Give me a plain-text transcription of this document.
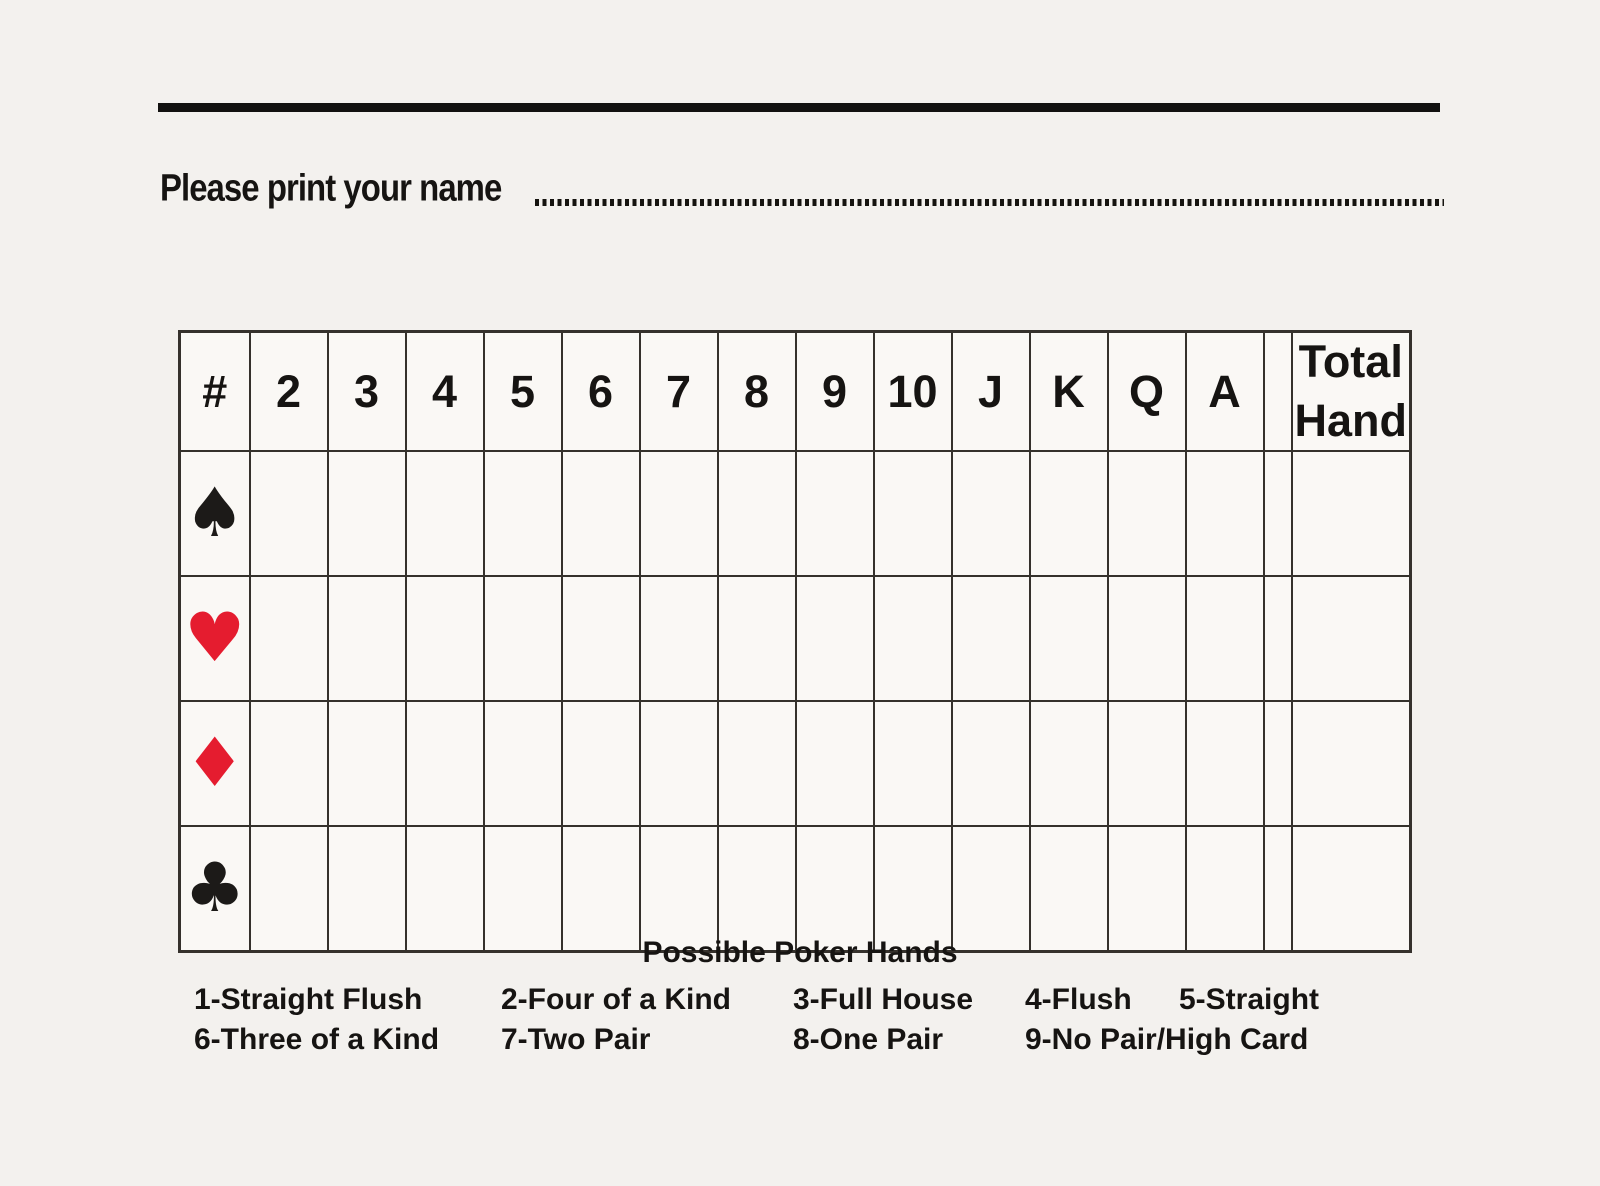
Please print your name
#	2	3	4	5	6	7	8	9	10	J	K	Q	A		Total Hand
♠															
♥															
♦															
♣															
Possible Poker Hands
1-Straight Flush	2-Four of a Kind	3-Full House	4-Flush	5-Straight
6-Three of a Kind	7-Two Pair	8-One Pair	9-No Pair/High Card
